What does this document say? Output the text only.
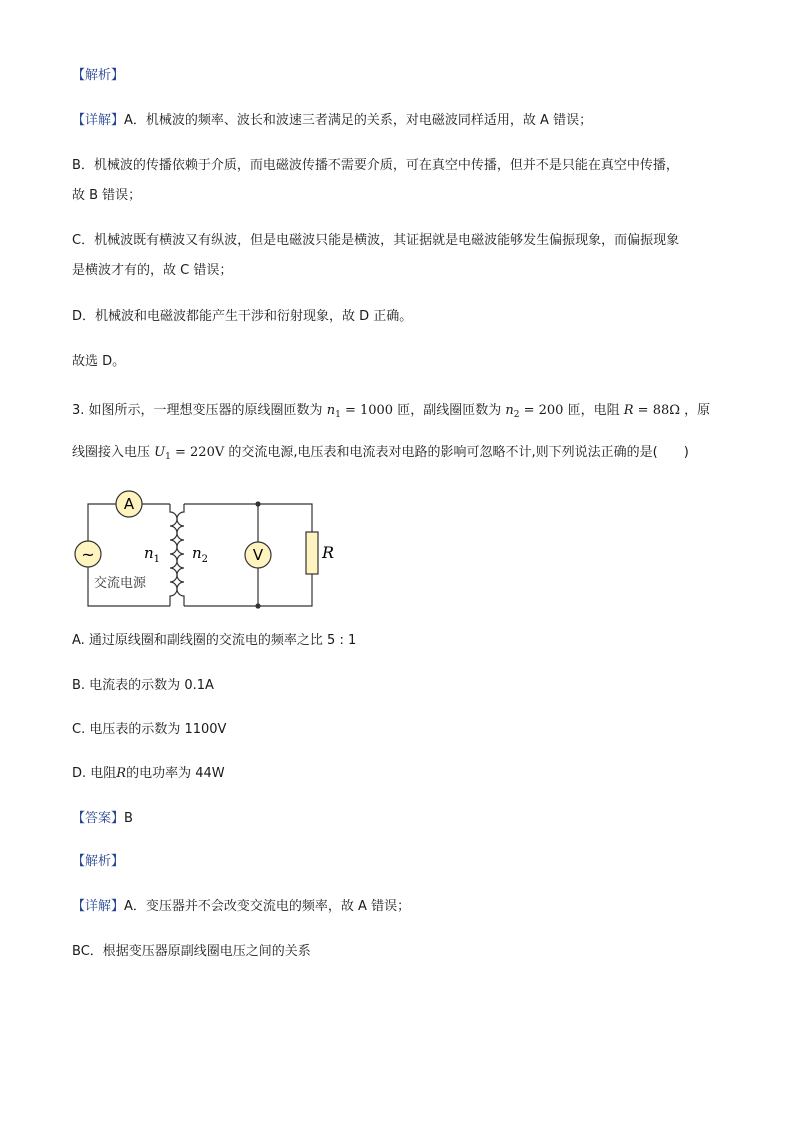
【解析】
【详解】A．机械波的频率、波长和波速三者满足的关系，对电磁波同样适用，故 A 错误；
B．机械波的传播依赖于介质，而电磁波传播不需要介质，可在真空中传播，但并不是只能在真空中传播，
故 B 错误；
C．机械波既有横波又有纵波，但是电磁波只能是横波，其证据就是电磁波能够发生偏振现象，而偏振现象
是横波才有的，故 C 错误；
D．机械波和电磁波都能产生干涉和衍射现象，故 D 正确。
故选 D。
3. 如图所示，一理想变压器的原线圈匝数为 $n_1 = 1000$ 匝，副线圈匝数为 $n_2 = 200$ 匝，电阻 R = 88Ω ，原
线圈接入电压 $U_1 = 220V$ 的交流电源,电压表和电流表对电路的影响可忽略不计,则下列说法正确的是(　　)
A
~
交流电源
$n_1$ $n_2$	V	R
A. 通过原线圈和副线圈的交流电的频率之比 5 : 1
B. 电流表的示数为 0.1A
C. 电压表的示数为 1100V
D. 电阻R的电功率为 44W
【答案】B
【解析】
【详解】A．变压器并不会改变交流电的频率，故 A 错误；
BC．根据变压器原副线圈电压之间的关系
